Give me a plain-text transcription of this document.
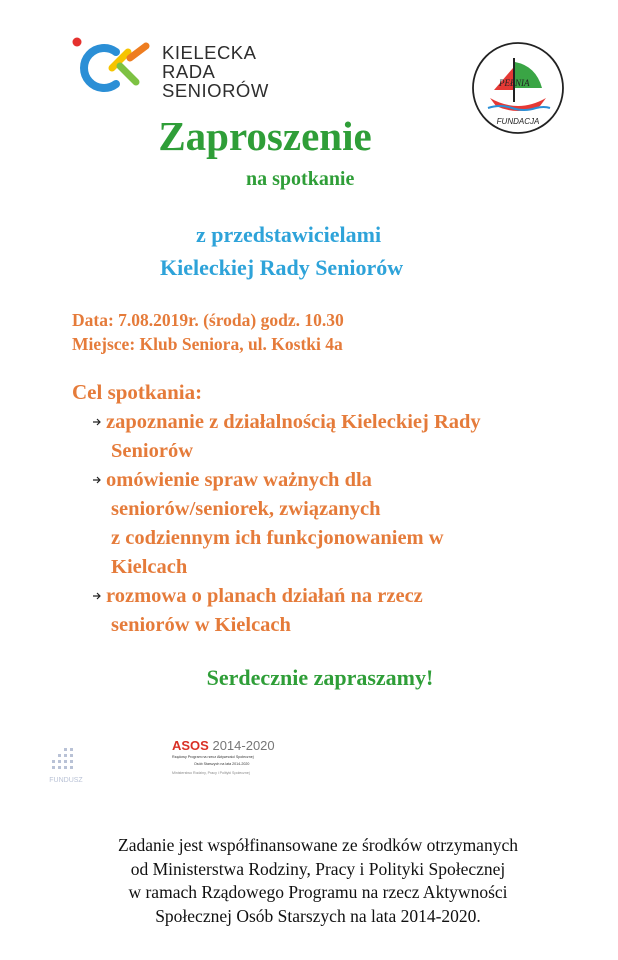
KIELECKA
RADA
SENIORÓW	PEŁNIA
FUNDACJA
Zaproszenie
na spotkanie
z przedstawicielami
Kieleckiej Rady Seniorów
Data: 7.08.2019r. (środa) godz. 10.30
Miejsce: Klub Seniora, ul. Kostki 4a
Cel spotkania:
zapoznanie z działalnością Kieleckiej Rady
Seniorów
omówienie spraw ważnych dla
seniorów/seniorek, związanych
z codziennym ich funkcjonowaniem w
Kielcach
rozmowa o planach działań na rzecz
seniorów w Kielcach
Serdecznie zapraszamy!
FUNDUSZ
ASOS 2014-2020
Rządowy Program na rzecz Aktywności Społecznej
Osób Starszych na lata 2014-2020
Ministerstwo Rodziny, Pracy i Polityki Społecznej
Zadanie jest współfinansowane ze środków otrzymanych
od Ministerstwa Rodziny, Pracy i Polityki Społecznej
w ramach Rządowego Programu na rzecz Aktywności
Społecznej Osób Starszych na lata 2014-2020.
